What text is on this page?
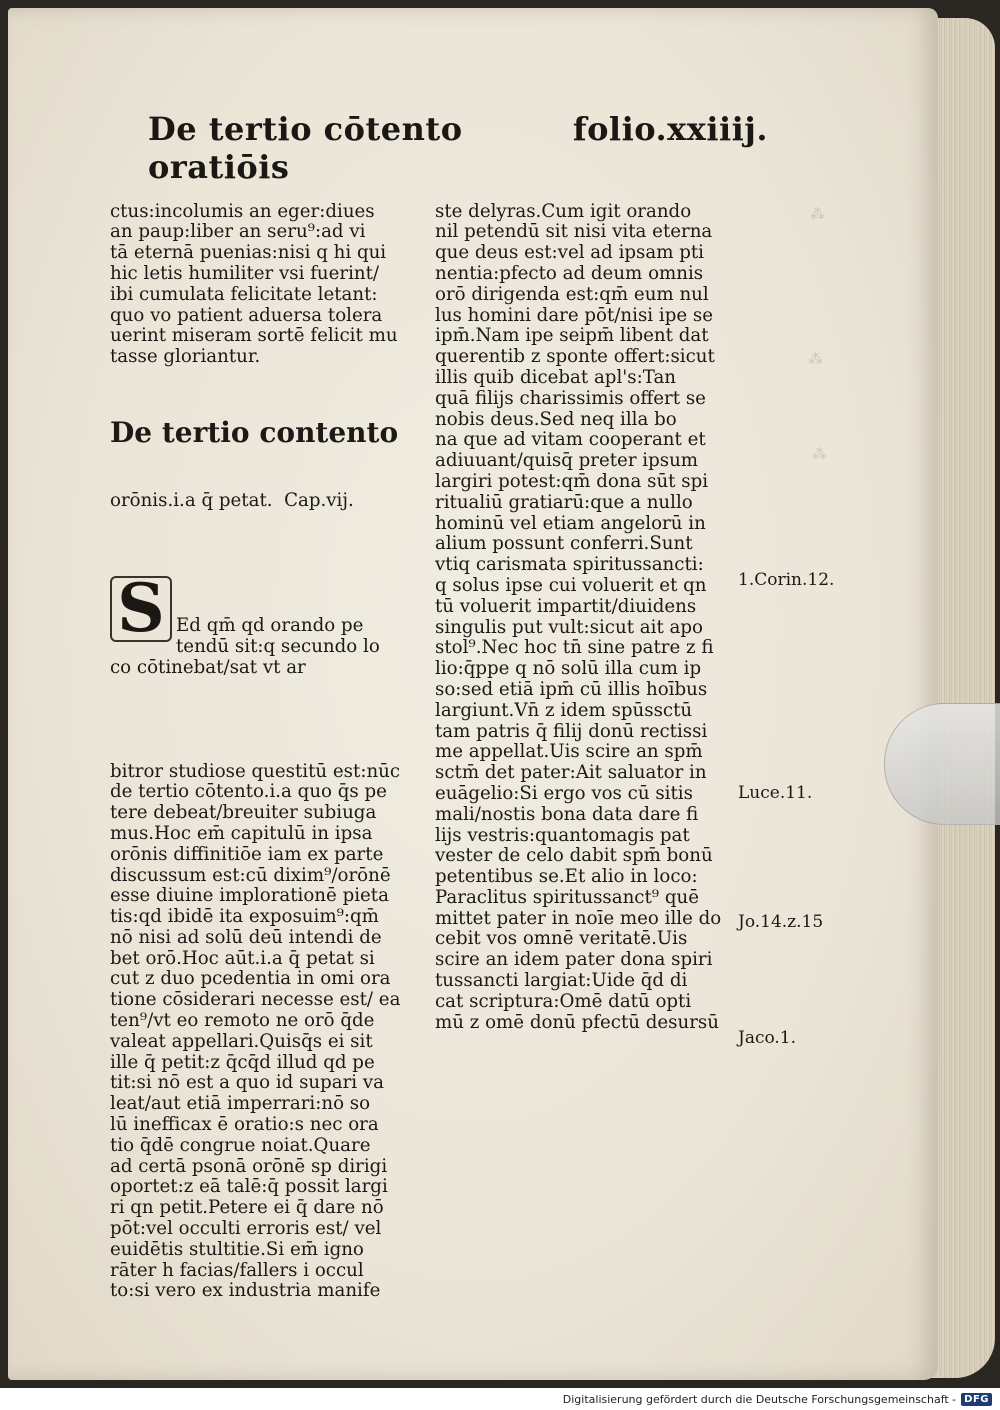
⁂
⁂
⁂
De tertio cōtento oratiōis
folio.xxiiij.

ctus:incolumis an eger:diues
an paup:liber an seru⁹:ad vi
tā eternā puenias:nisi q hi qui
hic letis humiliter vsi fuerint/
ibi cumulata felicitate letant:
quo vo patient aduersa tolera
uerint miseram sortē felicit mu
tasse gloriantur.

De tertio contento

orōnis.i.a q̄ petat.  Cap.vij.

S

Ed qm̄ qd orando pe
tendū sit:q secundo lo
co cōtinebat/sat vt ar

bitror studiose questitū est:nūc
de tertio cōtento.i.a quo q̄s pe
tere debeat/breuiter subiuga
mus.Hoc em̄ capitulū in ipsa
orōnis diffinitiōe iam ex parte
discussum est:cū dixim⁹/orōnē
esse diuine implorationē pieta
tis:qd ibidē ita exposuim⁹:qm̄
nō nisi ad solū deū intendi de
bet orō.Hoc aūt.i.a q̄ petat si
cut z duo pcedentia in omi ora
tione cōsiderari necesse est/ ea
ten⁹/vt eo remoto ne orō q̄de
valeat appellari.Quisq̄s ei sit
ille q̄ petit:z q̄cq̄d illud qd pe
tit:si nō est a quo id supari va
leat/aut etiā imperrari:nō so
lū inefficax ē oratio:s nec ora
tio q̄dē congrue noiat.Quare
ad certā psonā orōnē sp dirigi
oportet:z eā talē:q̄ possit largi
ri qn petit.Petere ei q̄ dare nō
pōt:vel occulti erroris est/ vel
euidētis stultitie.Si em̄ igno
rāter h facias/fallers i occul
to:si vero ex industria manife

ste delyras.Cum igit orando
nil petendū sit nisi vita eterna
que deus est:vel ad ipsam pti
nentia:pfecto ad deum omnis
orō dirigenda est:qm̄ eum nul
lus homini dare pōt/nisi ipe se
ipm̄.Nam ipe seipm̄ libent dat
querentib z sponte offert:sicut
illis quib dicebat apl's:Tan
quā filijs charissimis offert se
nobis deus.Sed neq illa bo
na que ad vitam cooperant et
adiuuant/quisq̄ preter ipsum
largiri potest:qm̄ dona sūt spi
ritualiū gratiarū:que a nullo
hominū vel etiam angelorū in
alium possunt conferri.Sunt
vtiq carismata spiritussancti:
q solus ipse cui voluerit et qn
tū voluerit impartit/diuidens
singulis put vult:sicut ait apo
stol⁹.Nec hoc tn̄ sine patre z fi
lio:q̄ppe q nō solū illa cum ip
so:sed etiā ipm̄ cū illis hoībus
largiunt.Vn̄ z idem spūssctū
tam patris q̄ filij donū rectissi
me appellat.Uis scire an spm̄
sctm̄ det pater:Ait saluator in
euāgelio:Si ergo vos cū sitis
mali/nostis bona data dare fi
lijs vestris:quantomagis pat
vester de celo dabit spm̄ bonū
petentibus se.Et alio in loco:
Paraclitus spiritussanct⁹ quē
mittet pater in noīe meo ille do
cebit vos omnē veritatē.Uis
scire an idem pater dona spiri
tussancti largiat:Uide q̄d di
cat scriptura:Omē datū opti
mū z omē donū pfectū desursū

1.Corin.12.
Luce.11.
Jo.14.z.15
Jaco.1.
Digitalisierung gefördert durch die Deutsche Forschungsgemeinschaft - DFG
